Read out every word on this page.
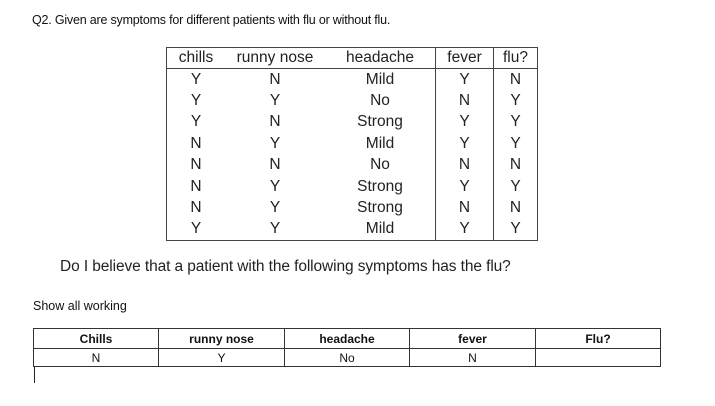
Q2. Given are symptoms for different patients with flu or without flu.
chills	runny nose	headache	fever	flu?
Y	N	Mild	Y	N
Y	Y	No	N	Y
Y	N	Strong	Y	Y
N	Y	Mild	Y	Y
N	N	No	N	N
N	Y	Strong	Y	Y
N	Y	Strong	N	N
Y	Y	Mild	Y	Y
Do I believe that a patient with the following symptoms has the flu?
Show all working
Chills	runny nose	headache	fever	Flu?
N	Y	No	N	
